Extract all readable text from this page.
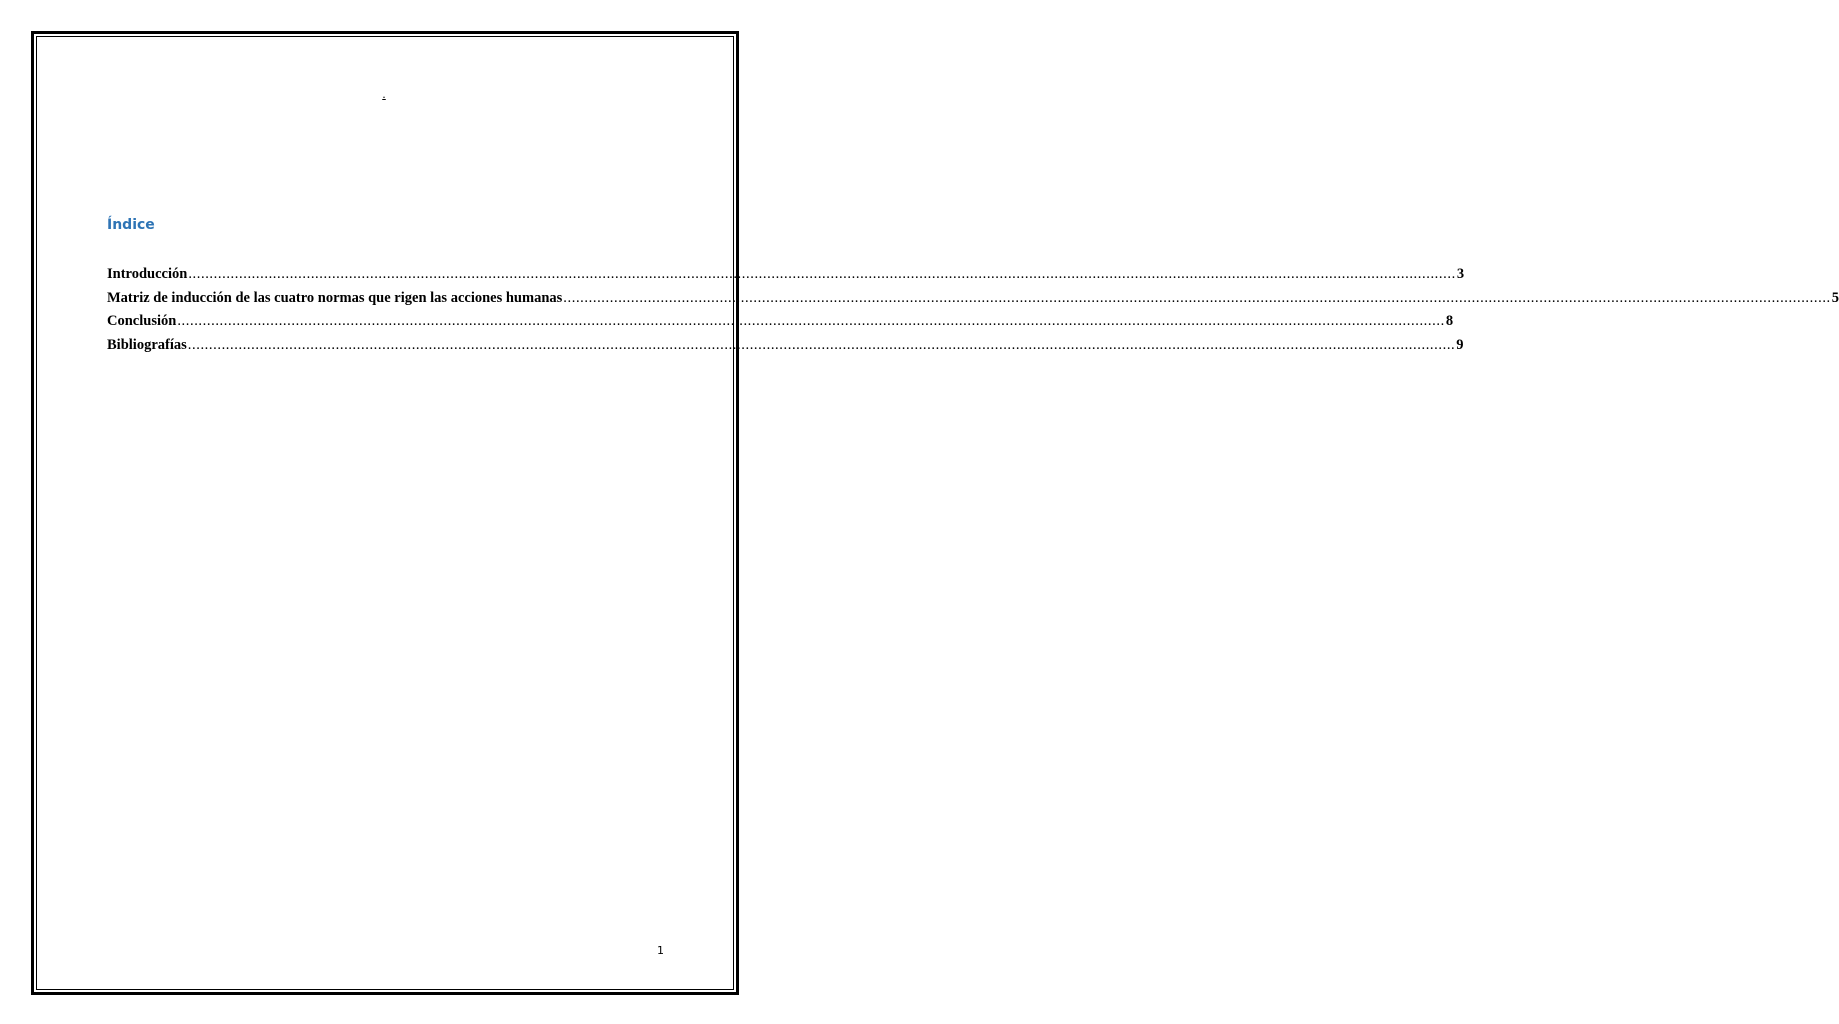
.
Índice
Introducción ............................................................................................................................................................................................................................................................................................................ 3
Matriz de inducción de las cuatro normas que rigen las acciones humanas ............................................................................................................................................................................................................................................................................................................ 5
Conclusión ............................................................................................................................................................................................................................................................................................................ 8
Bibliografías ............................................................................................................................................................................................................................................................................................................ 9
1
